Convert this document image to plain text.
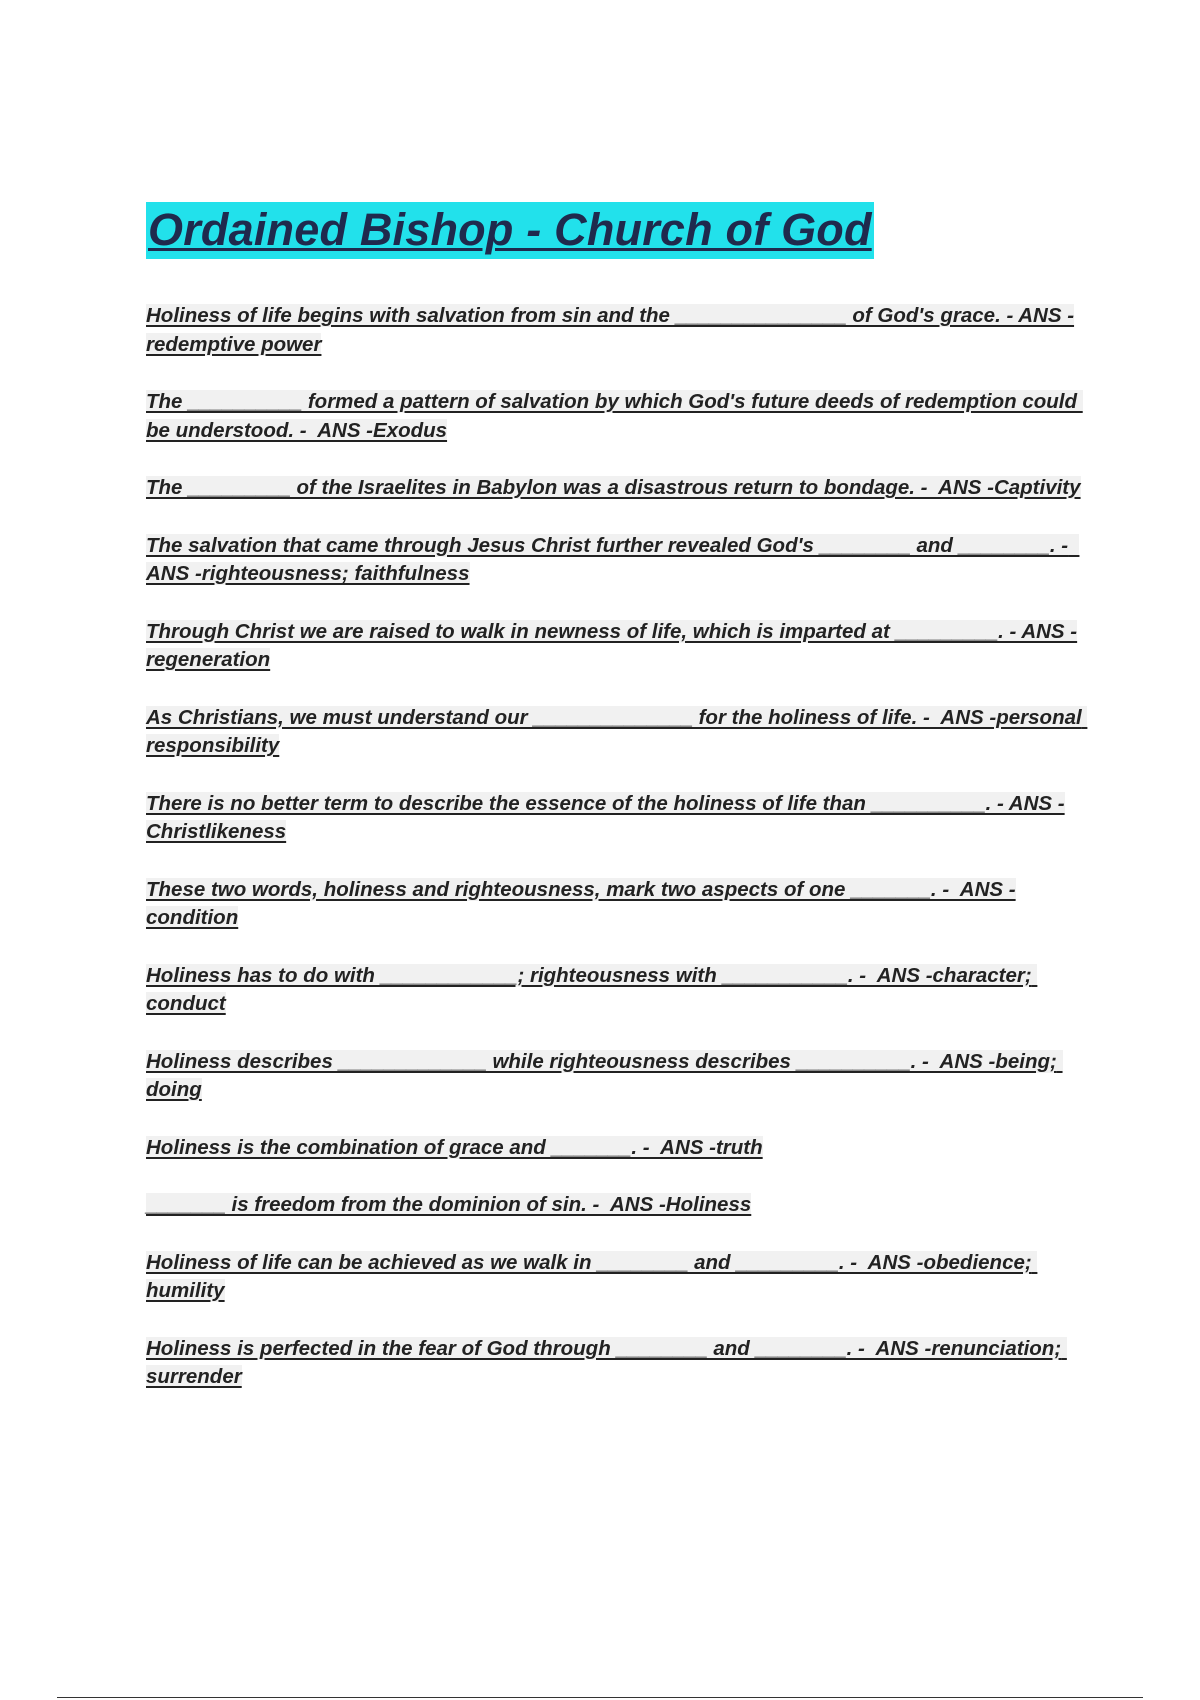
Ordained Bishop - Church of God

Holiness of life begins with salvation from sin and the _______________ of God's grace. - ANS -redemptive power

The __________ formed a pattern of salvation by which God's future deeds of redemption could be understood. -  ANS -Exodus

The _________ of the Israelites in Babylon was a disastrous return to bondage. -  ANS -Captivity

The salvation that came through Jesus Christ further revealed God's ________ and ________. -  ANS -righteousness; faithfulness

Through Christ we are raised to walk in newness of life, which is imparted at _________. - ANS -regeneration

As Christians, we must understand our ______________ for the holiness of life. -  ANS -personal responsibility

There is no better term to describe the essence of the holiness of life than __________. - ANS -Christlikeness

These two words, holiness and righteousness, mark two aspects of one _______. -  ANS -condition

Holiness has to do with ____________; righteousness with ___________. -  ANS -character; conduct

Holiness describes _____________ while righteousness describes __________. -  ANS -being; doing

Holiness is the combination of grace and _______. -  ANS -truth

_______ is freedom from the dominion of sin. -  ANS -Holiness

Holiness of life can be achieved as we walk in ________ and _________. -  ANS -obedience; humility

Holiness is perfected in the fear of God through ________ and ________. -  ANS -renunciation; surrender
